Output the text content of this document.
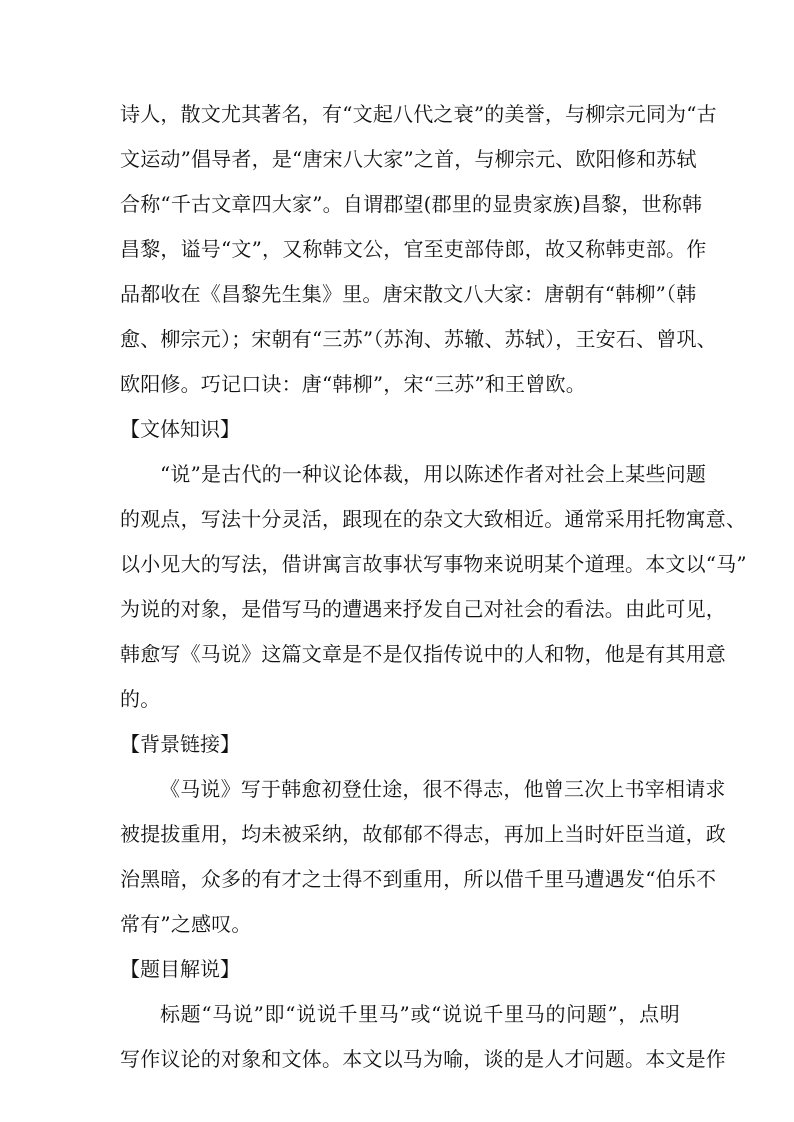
诗人，散文尤其著名，有“文起八代之衰”的美誉，与柳宗元同为“古
文运动”倡导者，是“唐宋八大家”之首，与柳宗元、欧阳修和苏轼
合称“千古文章四大家”。自谓郡望(郡里的显贵家族)昌黎，世称韩
昌黎，谥号“文”，又称韩文公，官至吏部侍郎，故又称韩吏部。作
品都收在《昌黎先生集》里。唐宋散文八大家：唐朝有“韩柳”（韩
愈、柳宗元）；宋朝有“三苏”（苏洵、苏辙、苏轼），王安石、曾巩、
欧阳修。巧记口诀：唐“韩柳”，宋“三苏”和王曾欧。
【文体知识】
“说”是古代的一种议论体裁，用以陈述作者对社会上某些问题
的观点，写法十分灵活，跟现在的杂文大致相近。通常采用托物寓意、
以小见大的写法，借讲寓言故事状写事物来说明某个道理。本文以“马”
为说的对象，是借写马的遭遇来抒发自己对社会的看法。由此可见，
韩愈写《马说》这篇文章是不是仅指传说中的人和物，他是有其用意
的。
【背景链接】
《马说》写于韩愈初登仕途，很不得志，他曾三次上书宰相请求
被提拔重用，均未被采纳，故郁郁不得志，再加上当时奸臣当道，政
治黑暗，众多的有才之士得不到重用，所以借千里马遭遇发“伯乐不
常有”之感叹。
【题目解说】
标题“马说”即“说说千里马”或“说说千里马的问题”，点明
写作议论的对象和文体。本文以马为喻，谈的是人才问题。本文是作
